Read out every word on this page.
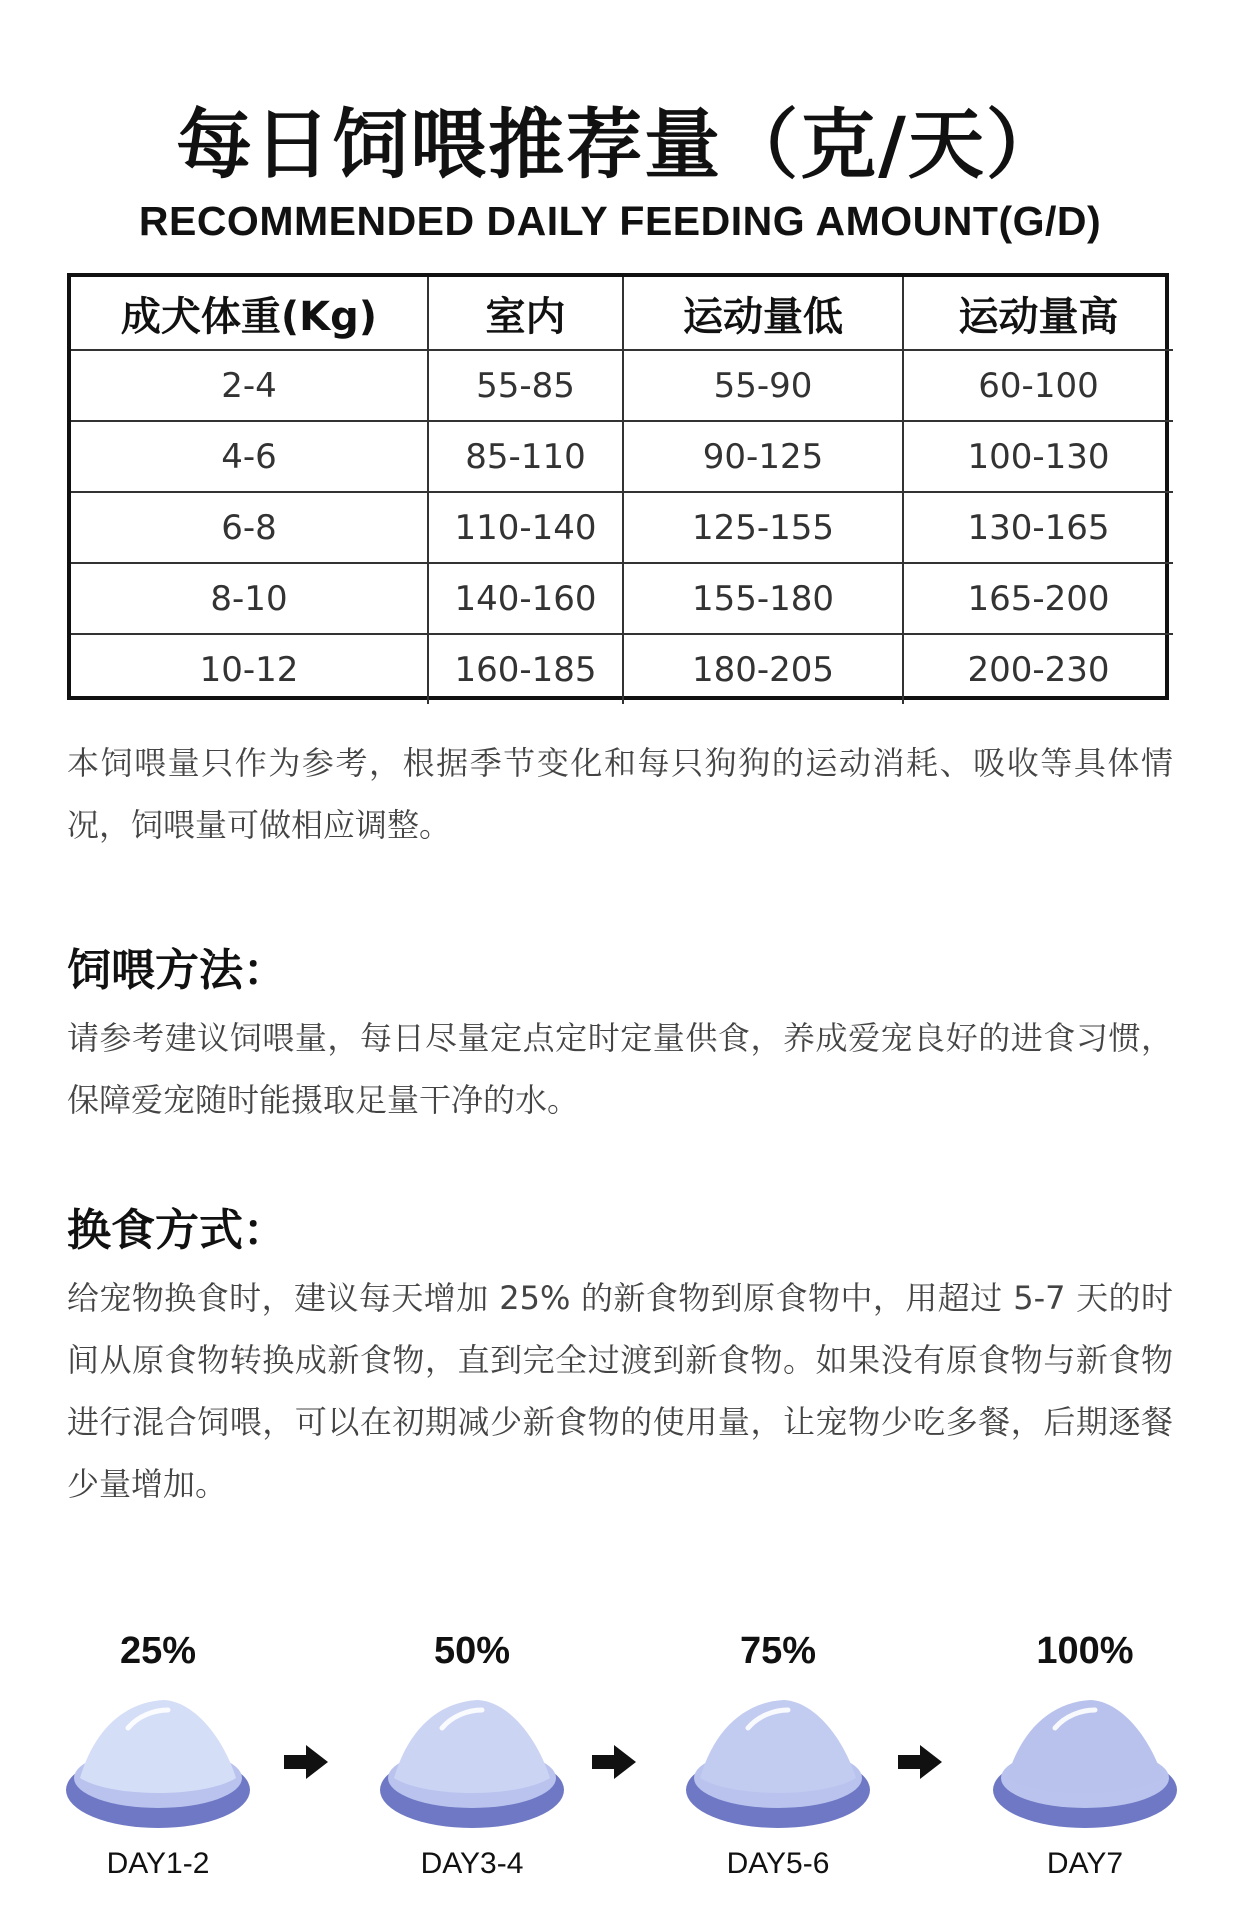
每日饲喂推荐量（克/天）
RECOMMENDED DAILY FEEDING AMOUNT(G/D)
成犬体重(Kg)	室内	运动量低	运动量高
2-4	55-85	55-90	60-100
4-6	85-110	90-125	100-130
6-8	110-140	125-155	130-165
8-10	140-160	155-180	165-200
10-12	160-185	180-205	200-230
本饲喂量只作为参考，根据季节变化和每只狗狗的运动消耗、吸收等具体情况，饲喂量可做相应调整。
饲喂方法：
请参考建议饲喂量，每日尽量定点定时定量供食，养成爱宠良好的进食习惯，保障爱宠随时能摄取足量干净的水。
换食方式：
给宠物换食时，建议每天增加 25% 的新食物到原食物中，用超过 5-7 天的时间从原食物转换成新食物，直到完全过渡到新食物。如果没有原食物与新食物进行混合饲喂，可以在初期减少新食物的使用量，让宠物少吃多餐，后期逐餐少量增加。
25%
DAY1-2
50%
DAY3-4
75%
DAY5-6
100%
DAY7
